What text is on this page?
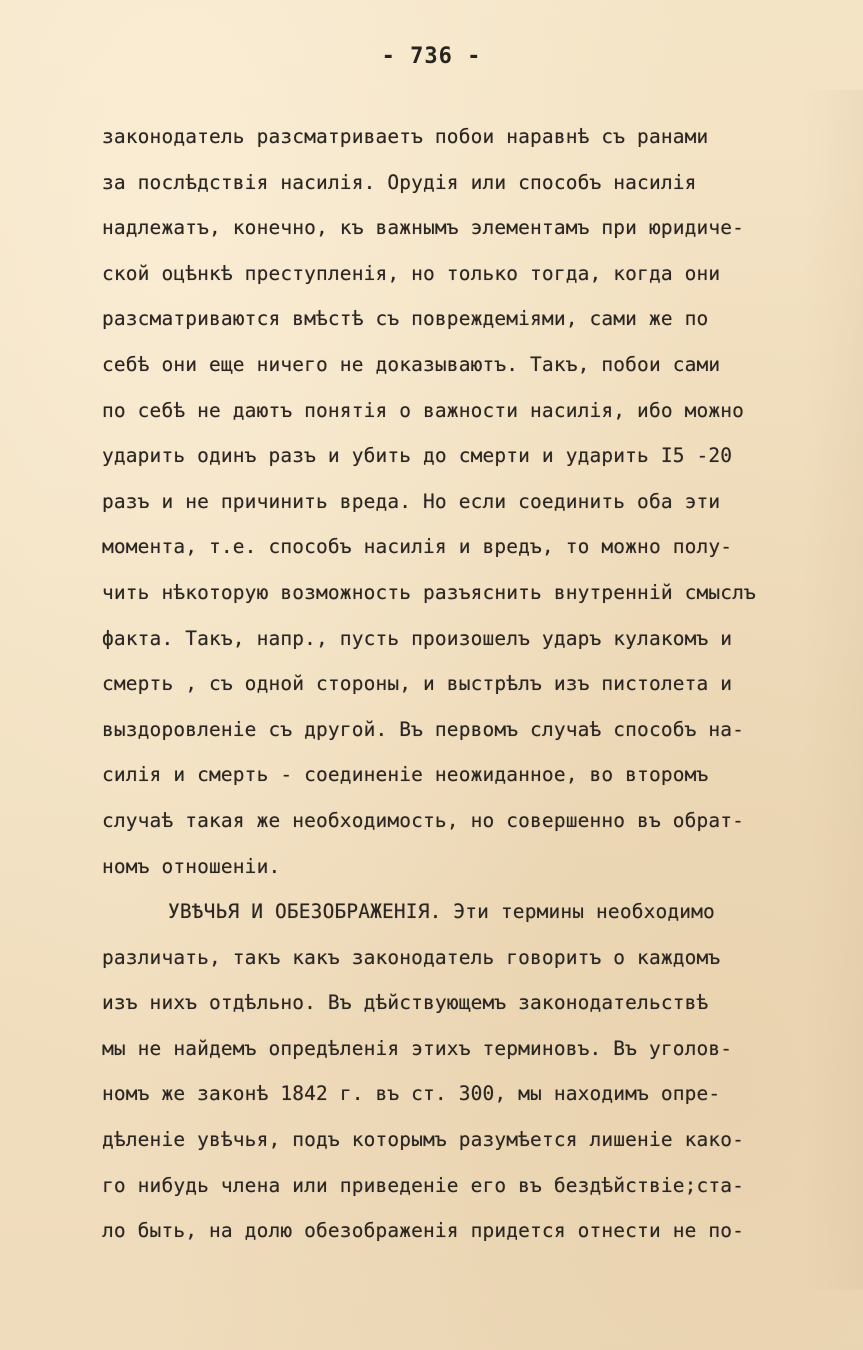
- 736 -
законодатель разсматриваетъ побои наравнѣ съ ранами
за послѣдствія насилія. Орудія или способъ насилія
надлежатъ, конечно, къ важнымъ элементамъ при юридиче-
ской оцѣнкѣ преступленія, но только тогда, когда они
разсматриваются вмѣстѣ съ повреждеміями, сами же по
себѣ они еще ничего не доказываютъ. Такъ, побои сами
по себѣ не даютъ понятія о важности насилія, ибо можно
ударить одинъ разъ и убить до смерти и ударить I5 -20
разъ и не причинить вреда. Но если соединить оба эти
момента, т.е. способъ насилія и вредъ, то можно полу-
чить нѣкоторую возможность разъяснить внутренній смыслъ
факта. Такъ, напр., пусть произошелъ ударъ кулакомъ и
смерть , съ одной стороны, и выстрѣлъ изъ пистолета и
выздоровленіе съ другой. Въ первомъ случаѣ способъ на-
силія и смерть - соединеніе неожиданное, во второмъ
случаѣ такая же необходимость, но совершенно въ обрат-
номъ отношеніи.
УВѢЧЬЯ И ОБЕЗОБРАЖЕНІЯ. Эти термины необходимо
различать, такъ какъ законодатель говоритъ о каждомъ
изъ нихъ отдѣльно. Въ дѣйствующемъ законодательствѣ
мы не найдемъ опредѣленія этихъ терминовъ. Въ уголов-
номъ же законѣ 1842 г. въ ст. 300, мы находимъ опре-
дѣленіе увѣчья, подъ которымъ разумѣется лишеніе како-
го нибудь члена или приведеніе его въ бездѣйствіе;ста-
ло быть, на долю обезображенія придется отнести не по-
